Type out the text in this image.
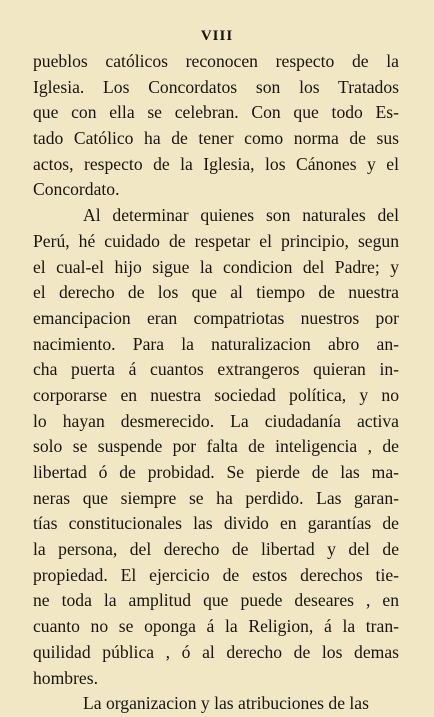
VIII
pueblos católicos reconocen respecto de la
Iglesia. Los Concordatos son los Tratados
que con ella se celebran. Con que todo Es-
tado Católico ha de tener como norma de sus
actos, respecto de la Iglesia, los Cánones y el
Concordato.
Al determinar quienes son naturales del
Perú, hé cuidado de respetar el principio, segun
el cual-el hijo sigue la condicion del Padre; y
el derecho de los que al tiempo de nuestra
emancipacion eran compatriotas nuestros por
nacimiento. Para la naturalizacion abro an-
cha puerta á cuantos extrangeros quieran in-
corporarse en nuestra sociedad política, y no
lo hayan desmerecido. La ciudadanía activa
solo se suspende por falta de inteligencia , de
libertad ó de probidad. Se pierde de las ma-
neras que siempre se ha perdido. Las garan-
tías constitucionales las divido en garantías de
la persona, del derecho de libertad y del de
propiedad. El ejercicio de estos derechos tie-
ne toda la amplitud que puede deseares , en
cuanto no se oponga á la Religion, á la tran-
quilidad pública , ó al derecho de los demas
hombres.
La organizacion y las atribuciones de las
